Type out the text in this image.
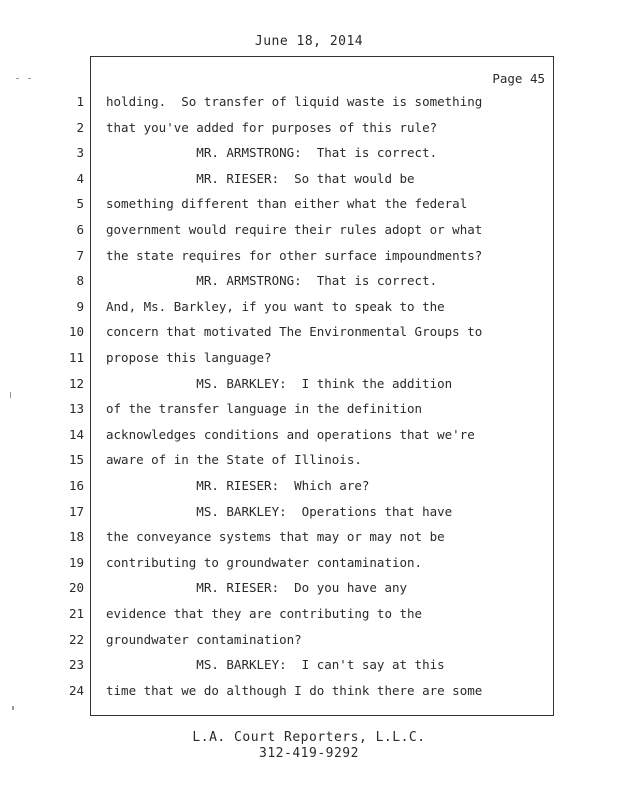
June 18, 2014
Page 45
1 holding.  So transfer of liquid waste is something
2 that you've added for purposes of this rule?
3 MR. ARMSTRONG:  That is correct.
4 MR. RIESER:  So that would be
5 something different than either what the federal
6 government would require their rules adopt or what
7 the state requires for other surface impoundments?
8 MR. ARMSTRONG:  That is correct.
9 And, Ms. Barkley, if you want to speak to the
10 concern that motivated The Environmental Groups to
11 propose this language?
12 MS. BARKLEY:  I think the addition
13 of the transfer language in the definition
14 acknowledges conditions and operations that we're
15 aware of in the State of Illinois.
16 MR. RIESER:  Which are?
17 MS. BARKLEY:  Operations that have
18 the conveyance systems that may or may not be
19 contributing to groundwater contamination.
20 MR. RIESER:  Do you have any
21 evidence that they are contributing to the
22 groundwater contamination?
23 MS. BARKLEY:  I can't say at this
24 time that we do although I do think there are some
L.A. Court Reporters, L.L.C.
312-419-9292
